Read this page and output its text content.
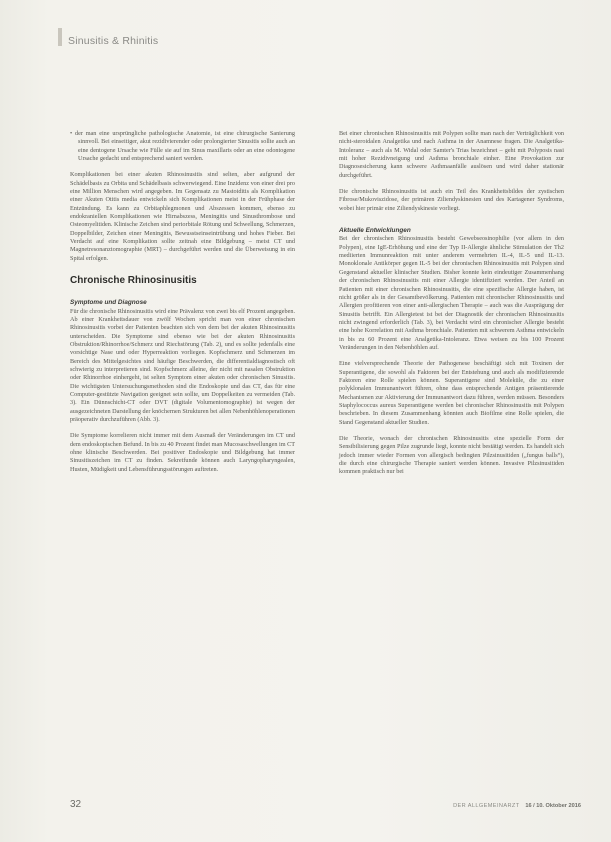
Sinusitis & Rhinitis

• der man eine ursprüngliche pathologische Anatomie, ist eine chirurgische Sanierung sinnvoll. Bei einseitiger, akut rezidivierender oder prolongierter Sinusitis sollte auch an eine dentogene Ursache wie Fülle sie auf im Sinus maxillaris oder an eine odontogene Ursache gedacht und entsprechend saniert werden.

Komplikationen bei einer akuten Rhinosinusitis sind selten, aber aufgrund der Schädelbasis zu Orbita und Schädelbasis schwerwiegend. Eine Inzidenz von einer drei pro eine Million Menschen wird angegeben. Im Gegensatz zu Mastoiditis als Komplikation einer Akuten Otitis media entwickeln sich Komplikationen meist in der Frühphase der Entzündung. Es kann zu Orbitaphlegmonen und Abszessen kommen, ebenso zu endokraniellen Komplikationen wie Hirnabszess, Meningitis und Sinusthrombose und Osteomyelitiden. Klinische Zeichen sind periorbitale Rötung und Schwellung, Schmerzen, Doppelbilder, Zeichen einer Meningitis, Bewusstseinseintrübung und hohes Fieber. Bei Verdacht auf eine Komplikation sollte zeitnah eine Bildgebung – meist CT und Magnetresonanztomographie (MRT) – durchgeführt werden und die Überweisung in ein Spital erfolgen.

Chronische Rhinosinusitis
Symptome und Diagnose

Für die chronische Rhinosinusitis wird eine Prävalenz von zwei bis elf Prozent angegeben. Ab einer Krankheitsdauer von zwölf Wochen spricht man von einer chronischen Rhinosinusitis vorbei der Patienten beachten sich von dem bei der akuten Rhinosinusitis unterscheiden. Die Symptome sind ebenso wie bei der akuten Rhinosinusitis Obstruktion/Rhinorrhoe/Schmerz und Riechstörung (Tab. 2), und es sollte jedenfalls eine vorsichtige Nase und oder Hyperreaktion vorliegen. Kopfschmerz und Schmerzen im Bereich des Mittelgesichtes sind häufige Beschwerden, die differentialdiagnostisch oft schwierig zu interpretieren sind. Kopfschmerz alleine, der nicht mit nasalen Obstruktion oder Rhinorrhoe einhergeht, ist selten Symptom einer akuten oder chronischen Sinusitis. Die wichtigsten Untersuchungsmethoden sind die Endoskopie und das CT, das für eine Computer-gestützte Navigation geeignet sein sollte, um Doppelkeiten zu vermeiden (Tab. 3). Ein Dünnschicht-CT oder DVT (digitale Volumentomographie) ist wegen der ausgezeichneten Darstellung der knöchernen Strukturen bei allen Nebenhöhlenoperationen präoperativ durchzuführen (Abb. 3).

Die Symptome korrelieren nicht immer mit dem Ausmaß der Veränderungen im CT und dem endoskopischen Befund. In bis zu 40 Prozent findet man Mucosaschwellungen im CT ohne klinische Beschwerden. Bei positiver Endoskopie und Bildgebung hat immer Sinusitiszeichen im CT zu finden. Sekretfunde können auch Laryngopharyngealen, Husten, Müdigkeit und Lebensführungsstörungen auftreten.

Bei einer chronischen Rhinosinusitis mit Polypen sollte man nach der Verträglichkeit von nicht-steroidalen Analgetika und nach Asthma in der Anamnese fragen. Die Analgetika-Intoleranz – auch als M. Widal oder Samter's Trias bezeichnet – geht mit Polyposis nasi mit hoher Rezidivneigung und Asthma bronchiale einher. Eine Provokation zur Diagnosesicherung kann schwere Asthmaanfälle auslösen und wird daher stationär durchgeführt.

Die chronische Rhinosinusitis ist auch ein Teil des Krankheitsbildes der zystischen Fibrose/Mukoviszidose, der primären Ziliendyskinesien und des Kartagener Syndroms, wobei hier primär eine Ziliendyskinesie vorliegt.

Aktuelle Entwicklungen

Bei der chronischen Rhinosinusitis besteht Gewebseosinophilie (vor allem in den Polypen), eine IgE-Erhöhung und eine der Typ II-Allergie ähnliche Stimulation der Th2 mediierten Immunreaktion mit unter anderem vermehrten IL-4, IL-5 und IL-13. Monoklonale Antikörper gegen IL-5 bei der chronischen Rhinosinusitis mit Polypen sind Gegenstand aktueller klinischer Studien. Bisher konnte kein eindeutiger Zusammenhang der chronischen Rhinosinusitis mit einer Allergie identifiziert werden. Der Anteil an Patienten mit einer chronischen Rhinosinusitis, die eine spezifische Allergie haben, ist nicht größer als in der Gesamtbevölkerung. Patienten mit chronischer Rhinosinusitis und Allergien profitieren von einer anti-allergischen Therapie – auch was die Ausprägung der Sinusitis betrifft. Ein Allergietest ist bei der Diagnostik der chronischen Rhinosinusitis nicht zwingend erforderlich (Tab. 3), bei Verdacht wird ein chronischer Allergie besteht eine hohe Korrelation mit Asthma bronchiale. Patienten mit schwerem Asthma entwickeln in bis zu 60 Prozent eine Analgetika-Intoleranz. Etwa weisen zu bis 100 Prozent Veränderungen in den Nebenhöhlen auf.

Eine vielversprechende Theorie der Pathogenese beschäftigt sich mit Toxinen der Superantigene, die sowohl als Faktoren bei der Entstehung und auch als modifizierende Faktoren eine Rolle spielen können. Superantigene sind Moleküle, die zu einer polyklonalen Immunantwort führen, ohne dass entsprechende Antigen präsentierende Mechanismen zur Aktivierung der Immunantwort dazu führen, werden müssen. Besonders Staphylococcus aureus Superantigene werden bei chronischer Rhinosinusitis mit Polypen beschrieben. In diesem Zusammenhang könnten auch Biofilme eine Rolle spielen, die Stand Gegenstand aktueller Studien.

Die Theorie, wonach der chronischen Rhinosinusitis eine spezielle Form der Sensibilisierung gegen Pilze zugrunde liegt, konnte nicht bestätigt werden. Es handelt sich jedoch immer wieder Formen von allergisch bedingten Pilzsinusitiden („fungus balls“), die durch eine chirurgische Therapie saniert werden können. Invasive Pilzsinusitiden kommen praktisch nur bei

32	DER ALLGEMEINARZT 16 / 10. Oktober 2016
